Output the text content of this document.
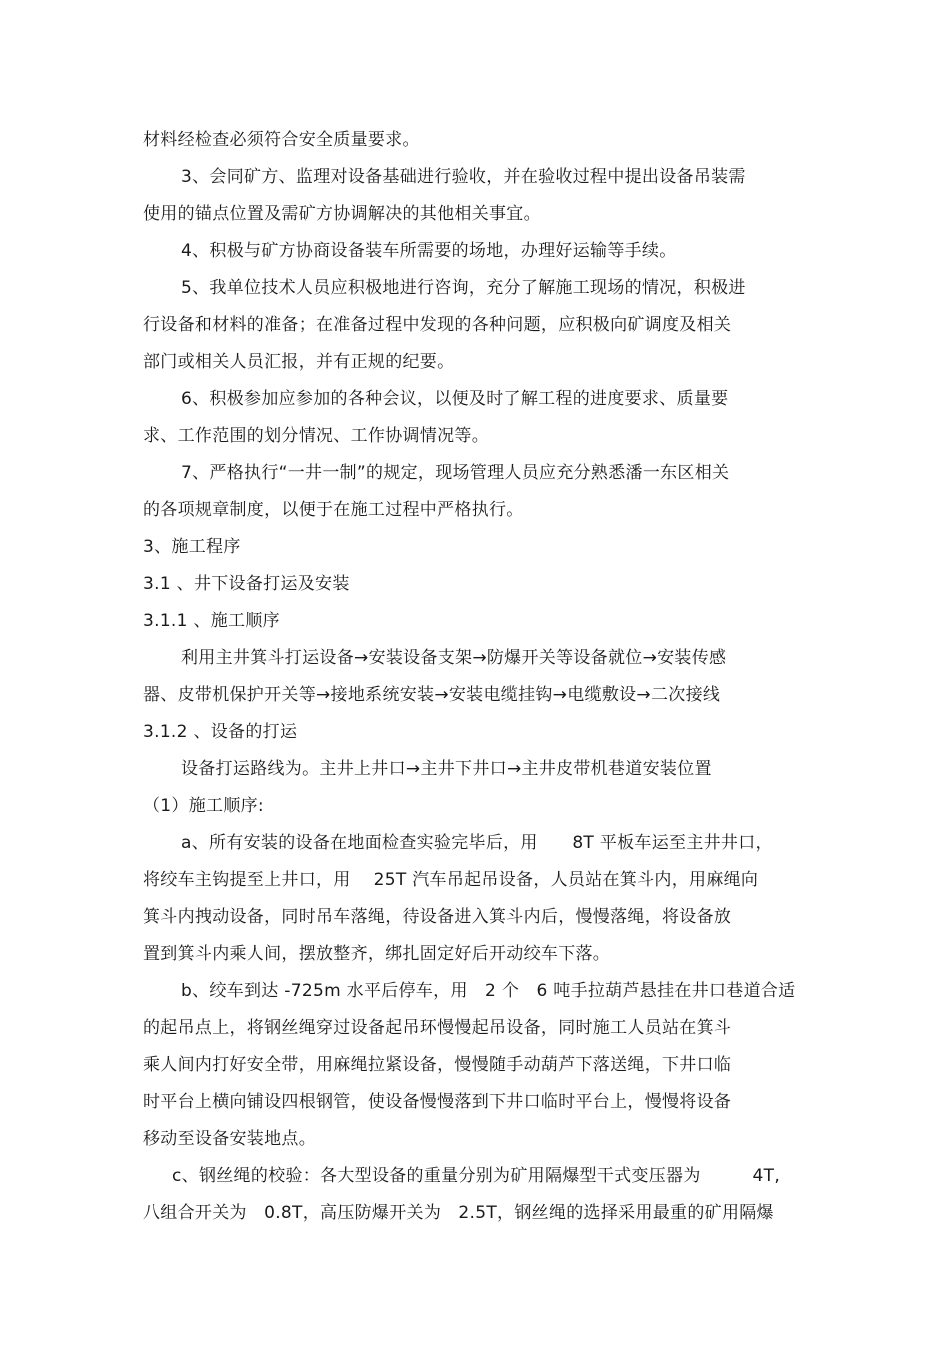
材料经检查必须符合安全质量要求。
3、会同矿方、监理对设备基础进行验收，并在验收过程中提出设备吊装需
使用的锚点位置及需矿方协调解决的其他相关事宜。
4、积极与矿方协商设备装车所需要的场地，办理好运输等手续。
5、我单位技术人员应积极地进行咨询，充分了解施工现场的情况，积极进
行设备和材料的准备；在准备过程中发现的各种问题，应积极向矿调度及相关
部门或相关人员汇报，并有正规的纪要。
6、积极参加应参加的各种会议，以便及时了解工程的进度要求、质量要
求、工作范围的划分情况、工作协调情况等。
7、严格执行“一井一制”的规定，现场管理人员应充分熟悉潘一东区相关
的各项规章制度，以便于在施工过程中严格执行。
3、施工程序
3.1 、井下设备打运及安装
3.1.1 、施工顺序
利用主井箕斗打运设备→安装设备支架→防爆开关等设备就位→安装传感
器、皮带机保护开关等→接地系统安装→安装电缆挂钩→电缆敷设→二次接线
3.1.2 、设备的打运
设备打运路线为。主井上井口→主井下井口→主井皮带机巷道安装位置
（1）施工顺序:
a、所有安装的设备在地面检查实验完毕后，用　　8T 平板车运至主井井口，
将绞车主钩提至上井口，用　 25T 汽车吊起吊设备，人员站在箕斗内，用麻绳向
箕斗内拽动设备，同时吊车落绳，待设备进入箕斗内后，慢慢落绳，将设备放
置到箕斗内乘人间，摆放整齐，绑扎固定好后开动绞车下落。
b、绞车到达 -725m 水平后停车，用　2 个　6 吨手拉葫芦悬挂在井口巷道合适
的起吊点上，将钢丝绳穿过设备起吊环慢慢起吊设备，同时施工人员站在箕斗
乘人间内打好安全带，用麻绳拉紧设备，慢慢随手动葫芦下落送绳，下井口临
时平台上横向铺设四根钢管，使设备慢慢落到下井口临时平台上，慢慢将设备
移动至设备安装地点。
c、钢丝绳的校验：各大型设备的重量分别为矿用隔爆型干式变压器为　　　4T,
八组合开关为　0.8T，高压防爆开关为　2.5T，钢丝绳的选择采用最重的矿用隔爆
